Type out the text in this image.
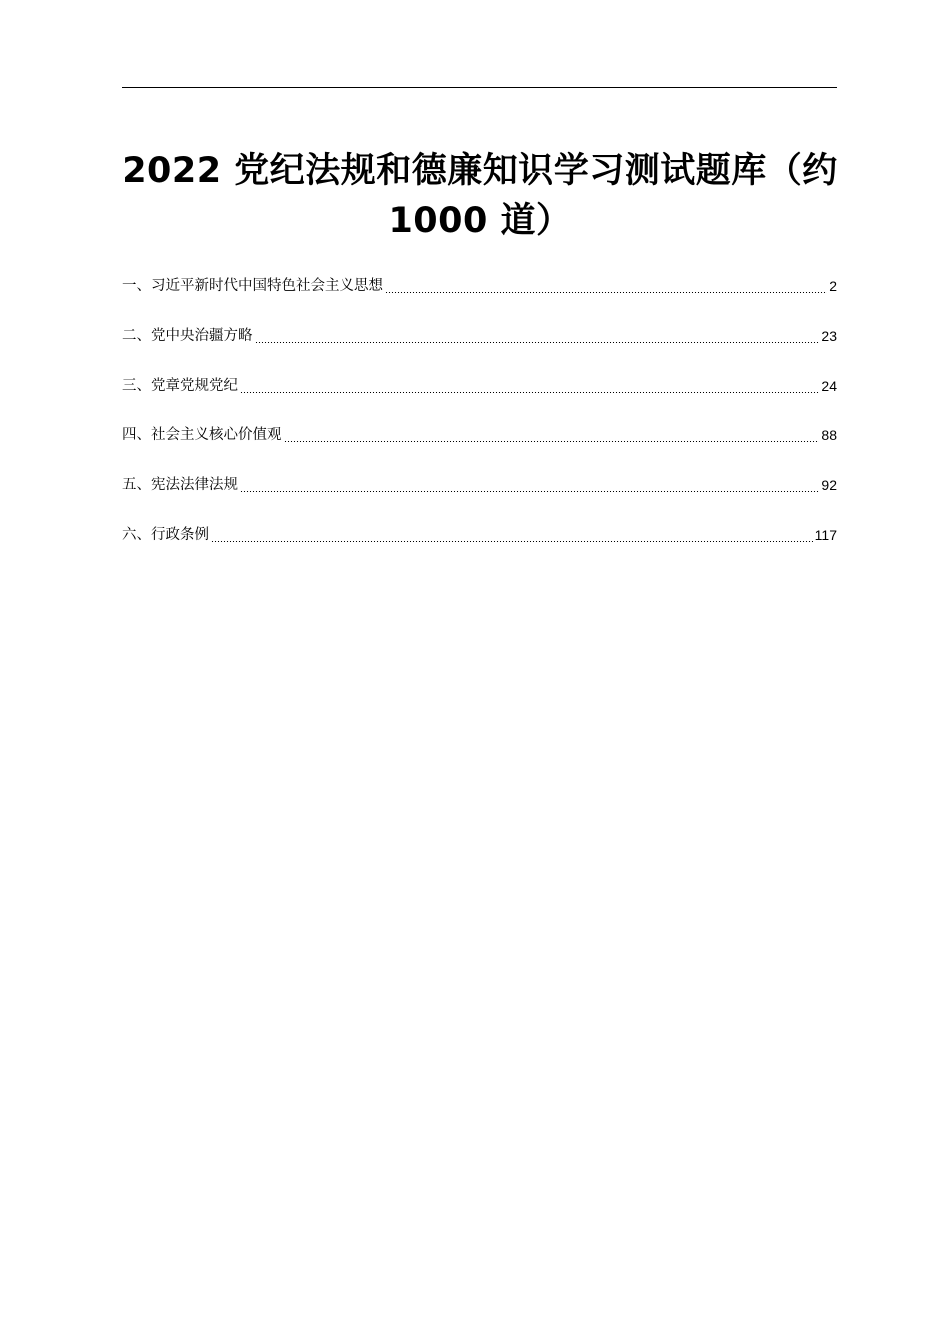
2022 党纪法规和德廉知识学习测试题库（约
1000 道）
一、习近平新时代中国特色社会主义思想	2
二、党中央治疆方略	23
三、党章党规党纪	24
四、社会主义核心价值观	88
五、宪法法律法规	92
六、行政条例	117
